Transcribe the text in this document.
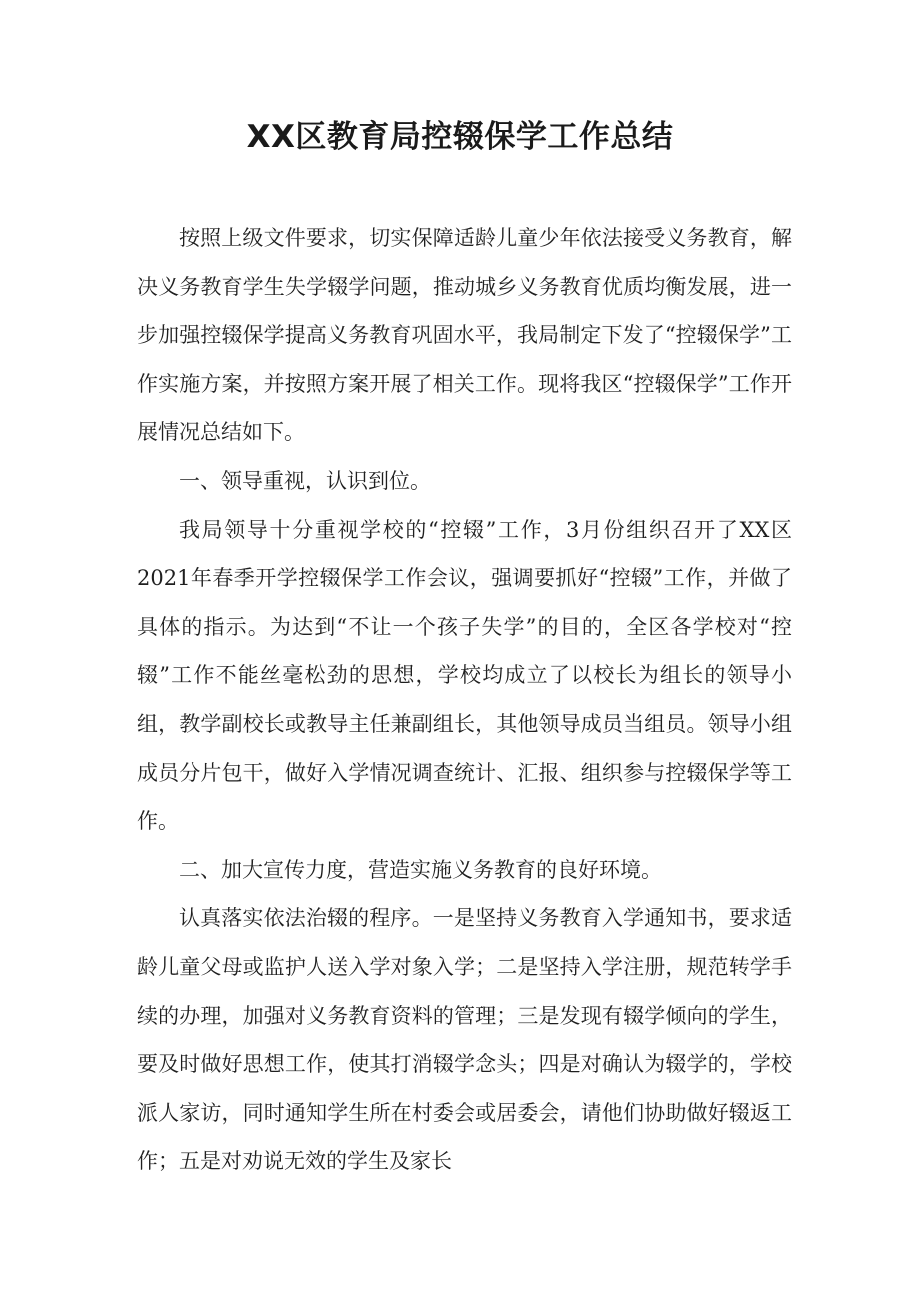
XX区教育局控辍保学工作总结

按照上级文件要求，切实保障适龄儿童少年依法接受义务教育，解决义务教育学生失学辍学问题，推动城乡义务教育优质均衡发展，进一步加强控辍保学提高义务教育巩固水平，我局制定下发了“控辍保学”工作实施方案，并按照方案开展了相关工作。现将我区“控辍保学”工作开展情况总结如下。

一、领导重视，认识到位。

我局领导十分重视学校的“控辍”工作，3月份组织召开了XX区2021年春季开学控辍保学工作会议，强调要抓好“控辍”工作，并做了具体的指示。为达到“不让一个孩子失学”的目的，全区各学校对“控辍”工作不能丝毫松劲的思想，学校均成立了以校长为组长的领导小组，教学副校长或教导主任兼副组长，其他领导成员当组员。领导小组成员分片包干，做好入学情况调查统计、汇报、组织参与控辍保学等工作。

二、加大宣传力度，营造实施义务教育的良好环境。

认真落实依法治辍的程序。一是坚持义务教育入学通知书，要求适龄儿童父母或监护人送入学对象入学；二是坚持入学注册，规范转学手续的办理，加强对义务教育资料的管理；三是发现有辍学倾向的学生，要及时做好思想工作，使其打消辍学念头；四是对确认为辍学的，学校派人家访，同时通知学生所在村委会或居委会，请他们协助做好辍返工作；五是对劝说无效的学生及家长
